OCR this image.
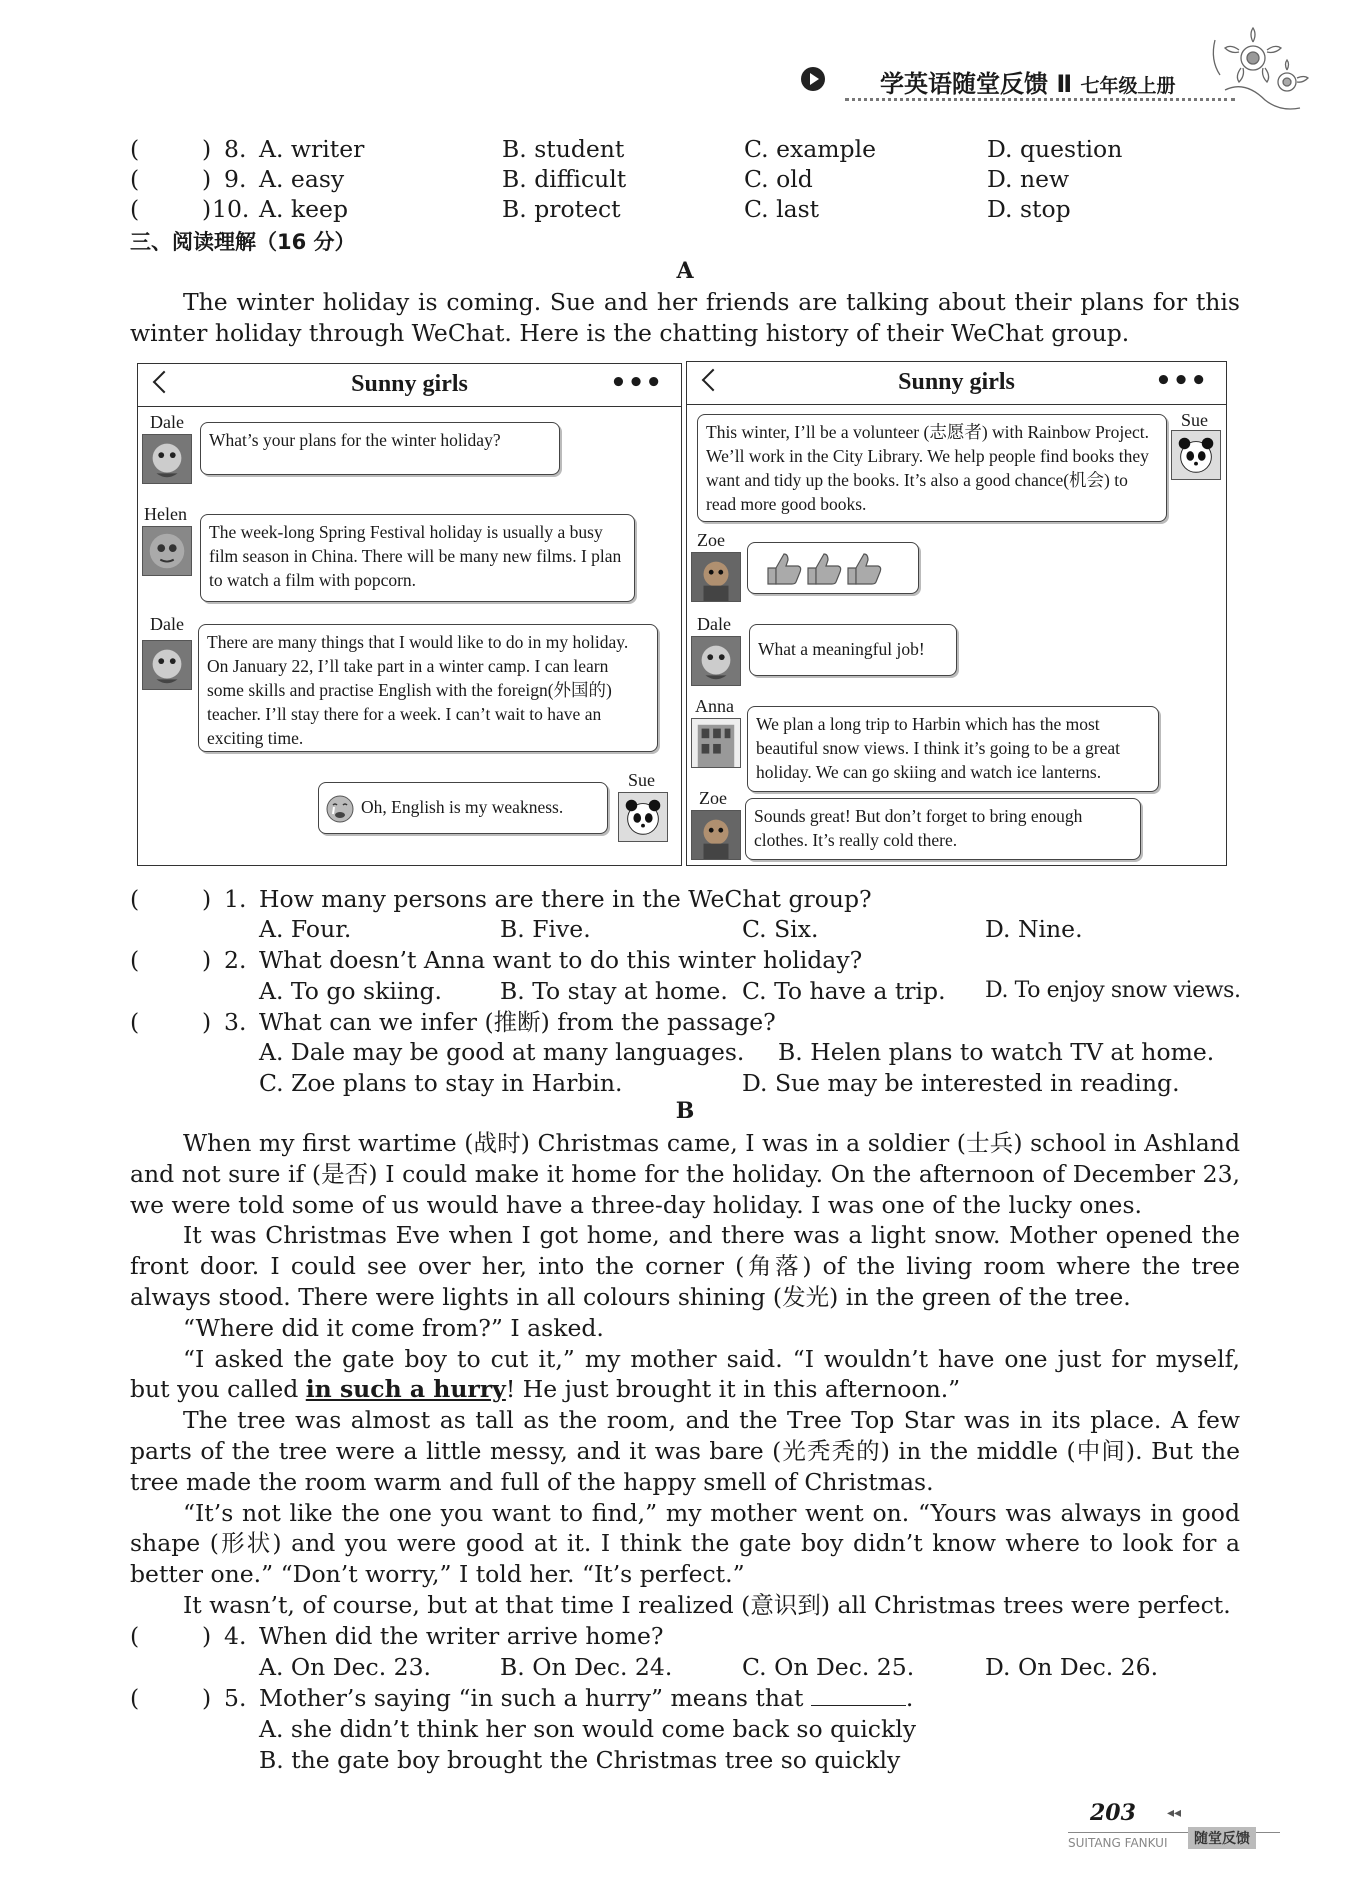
学英语随堂反馈 Ⅱ 七年级上册
(	) 8. A. writer	B. student	C. example	D. question
(	) 9. A. easy	B. difficult	C. old	D. new
(	) 10. A. keep	B. protect	C. last	D. stop
三、阅读理解（16 分）
A

The winter holiday is coming. Sue and her friends are talking about their plans for this winter holiday through WeChat. Here is the chatting history of their WeChat group.

Sunny girls	•••
Dale
What’s your plans for the winter holiday?
Helen
The week-long Spring Festival holiday is usually a busy film season in China. There will be many new films. I plan to watch a film with popcorn.
Dale
There are many things that I would like to do in my holiday. On January 22, I’ll take part in a winter camp. I can learn some skills and practise English with the foreign(外国的) teacher. I’ll stay there for a week. I can’t wait to have an exciting time.
Sue
Oh, English is my weakness.
Sunny girls	•••
Sue
This winter, I’ll be a volunteer (志愿者) with Rainbow Project. We’ll work in the City Library. We help people find books they want and tidy up the books. It’s also a good chance(机会) to read more good books.
Zoe
Dale
What a meaningful job!
Anna
We plan a long trip to Harbin which has the most beautiful snow views. I think it’s going to be a great holiday. We can go skiing and watch ice lanterns.
Zoe
Sounds great! But don’t forget to bring enough clothes. It’s really cold there.
(	) 1. How many persons are there in the WeChat group?
A. Four.	B. Five.	C. Six.	D. Nine.
(	) 2. What doesn’t Anna want to do this winter holiday?
A. To go skiing. B. To stay at home. C. To have a trip. D. To enjoy snow views.
(	) 3. What can we infer (推断) from the passage?
A. Dale may be good at many languages. B. Helen plans to watch TV at home.
C. Zoe plans to stay in Harbin.	D. Sue may be interested in reading.
B

When my first wartime (战时) Christmas came, I was in a soldier (士兵) school in Ashland and not sure if (是否) I could make it home for the holiday. On the afternoon of December 23, we were told some of us would have a three-day holiday. I was one of the lucky ones.

It was Christmas Eve when I got home, and there was a light snow. Mother opened the front door. I could see over her, into the corner (角落) of the living room where the tree always stood. There were lights in all colours shining (发光) in the green of the tree.

“Where did it come from?” I asked.

“I asked the gate boy to cut it,” my mother said. “I wouldn’t have one just for myself, but you called in such a hurry! He just brought it in this afternoon.”

The tree was almost as tall as the room, and the Tree Top Star was in its place. A few parts of the tree were a little messy, and it was bare (光秃秃的) in the middle (中间). But the tree made the room warm and full of the happy smell of Christmas.

“It’s not like the one you want to find,” my mother went on. “Yours was always in good shape (形状) and you were good at it. I think the gate boy didn’t know where to look for a better one.” “Don’t worry,” I told her. “It’s perfect.”

It wasn’t, of course, but at that time I realized (意识到) all Christmas trees were perfect.

(	) 4. When did the writer arrive home?
A. On Dec. 23.	B. On Dec. 24.	C. On Dec. 25.	D. On Dec. 26.
(	) 5. Mother’s saying “in such a hurry” means that	.
A. she didn’t think her son would come back so quickly
B. the gate boy brought the Christmas tree so quickly
203 ◂◂
SUITANG FANKUI	随堂反馈
